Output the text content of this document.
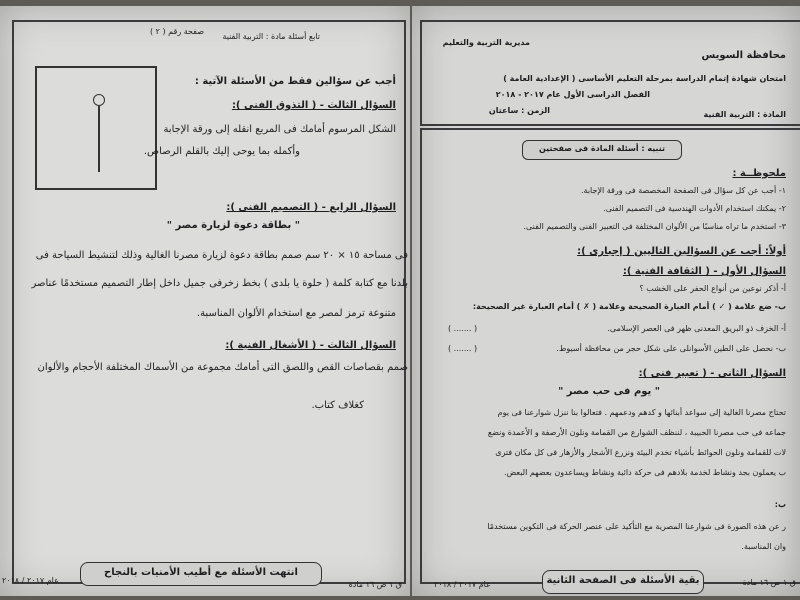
صفحة رقم ( ٢ )
تابع أسئلة مادة : التربية الفنية
أجب عن سؤالين فقط من الأسئلة الآتية :
السؤال الثالث - ( التذوق الفنى ):
الشكل المرسوم أمامك فى المربع انقله إلى ورقة الإجابة
وأكمله بما يوحى إليك بالقلم الرصاص.
السؤال الرابع - ( التصميم الفنى ):
" بطاقة دعوة لزيارة مصر "
فى مساحة ١٥ × ٢٠ سم صمم بطاقة دعوة لزيارة مصرنا الغالية وذلك لتنشيط السياحة فى
بلدنا مع كتابة كلمة ( حلوة يا بلدى ) بخط زخرفى جميل داخل إطار التصميم مستخدمًا عناصر
متنوعة ترمز لمصر مع استخدام الألوان المناسبة.
السؤال الثالث - ( الأشغال الفنية ):
صمم بقصاصات القص واللصق التى أمامك مجموعة من الأسماك المختلفة الأحجام والألوان
كغلاف كتاب.
انتهت الأسئلة مع أطيب الأمنيات بالنجاح
عام ٢٠١٧ / ٢٠١٨	ق ١ ص ١٦ مادة
محافظة السويس
مديرية التربية والتعليم
امتحان شهادة إتمام الدراسة بمرحلة التعليم الأساسى ( الإعدادية العامة )
الفصل الدراسى الأول عام ٢٠١٧ - ٢٠١٨
المادة : التربية الفنية
الزمن : ساعتان
تنبيه : أسئلة المادة فى صفحتين
ملحوظــة :
١- أجب عن كل سؤال فى الصفحة المخصصة فى ورقة الإجابة.
٢- يمكنك استخدام الأدوات الهندسية فى التصميم الفنى.
٣- استخدم ما تراه مناسبًا من الألوان المختلفة فى التعبير الفنى والتصميم الفنى.
أولاً: أجب عن السؤالين التاليين ( إجبارى ):
السؤال الأول - ( الثقافة الفنية ):
أ- أذكر نوعين من أنواع الحفر على الخشب ؟
ب- ضع علامة ( ✓ ) أمام العبارة الصحيحة وعلامة ( ✗ ) أمام العبارة غير الصحيحة:
أ- الخزف ذو البريق المعدنى ظهر فى العصر الإسلامى.
( ....... )
ب- نحصل على الطين الأسوانلى على شكل حجر من محافظة أسيوط.
( ....... )
السؤال الثانى - ( تعبير فنى ):
" يوم فى حب مصر "
تحتاج مصرنا الغالية إلى سواعد أبنائها و كدهم ودعمهم . فتعالوا بنا ننزل شوارعنا فى يوم
جماعه فى حب مصرنا الحبيبة ، لننظف الشوارع من القمامة ونلون الأرصفة و الأعمدة ونضع
لات للقمامة ونلون الحوائط بأشياء تخدم البيئة ونزرع الأشجار والأزهار فى كل مكان فترى
ب يعملون بجد ونشاط لخدمة بلادهم فى حركة دائبة ونشاط ويساعدون بعضهم البعض.
ب:
ر عن هذه الصورة فى شوارعنا المصرية مع التأكيد على عنصر الحركة فى التكوين مستخدمًا
وان المناسبة.
بقية الأسئلة فى الصفحة الثانية
عام ٢٠١٧ / ٢٠١٨	ق ١ ص ١٦ مادة
